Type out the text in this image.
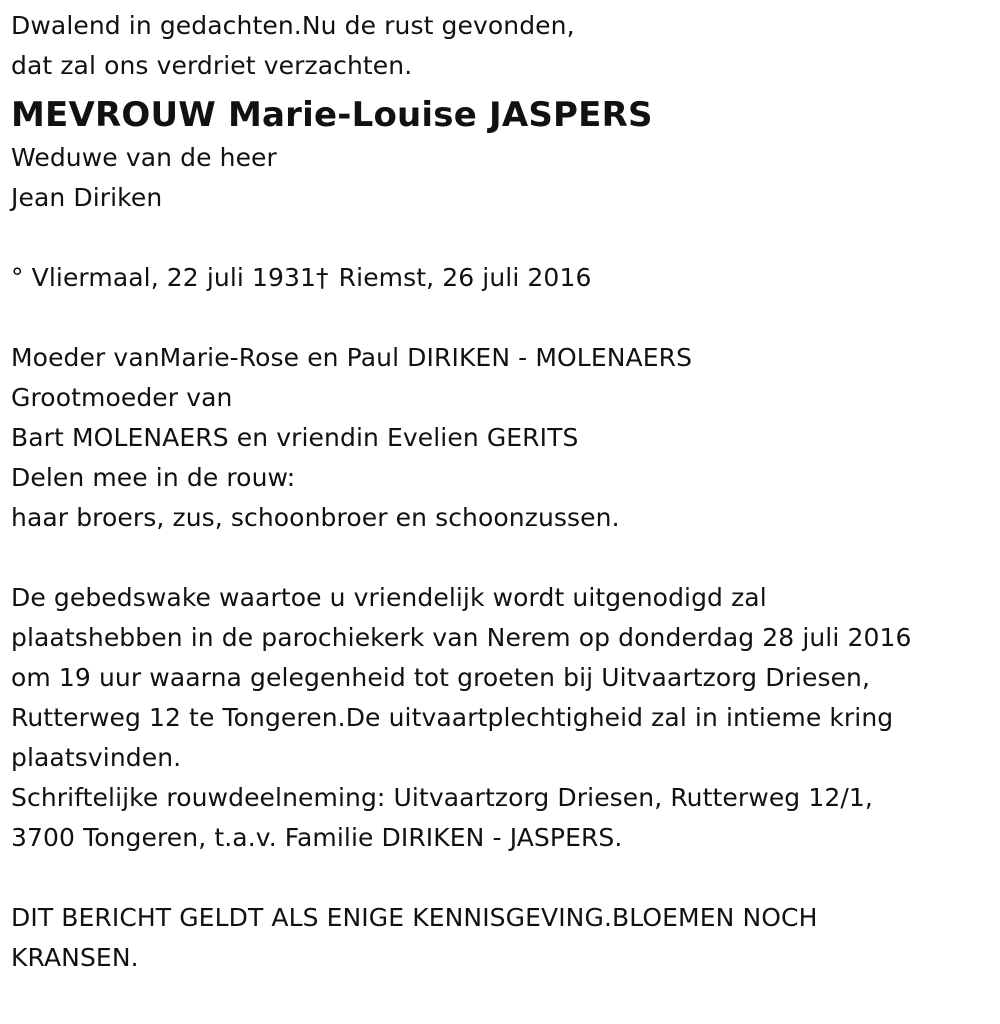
Dwalend in gedachten.Nu de rust gevonden,
dat zal ons verdriet verzachten.
MEVROUW Marie-Louise JASPERS
Weduwe van de heer
Jean Diriken
° Vliermaal, 22 juli 1931† Riemst, 26 juli 2016
Moeder vanMarie-Rose en Paul DIRIKEN - MOLENAERS
Grootmoeder van
Bart MOLENAERS en vriendin Evelien GERITS
Delen mee in de rouw:
haar broers, zus, schoonbroer en schoonzussen.
De gebedswake waartoe u vriendelijk wordt uitgenodigd zal
plaatshebben in de parochiekerk van Nerem op donderdag 28 juli 2016
om 19 uur waarna gelegenheid tot groeten bij Uitvaartzorg Driesen,
Rutterweg 12 te Tongeren.De uitvaartplechtigheid zal in intieme kring
plaatsvinden.
Schriftelijke rouwdeelneming: Uitvaartzorg Driesen, Rutterweg 12/1,
3700 Tongeren, t.a.v. Familie DIRIKEN - JASPERS.
DIT BERICHT GELDT ALS ENIGE KENNISGEVING.BLOEMEN NOCH
KRANSEN.
